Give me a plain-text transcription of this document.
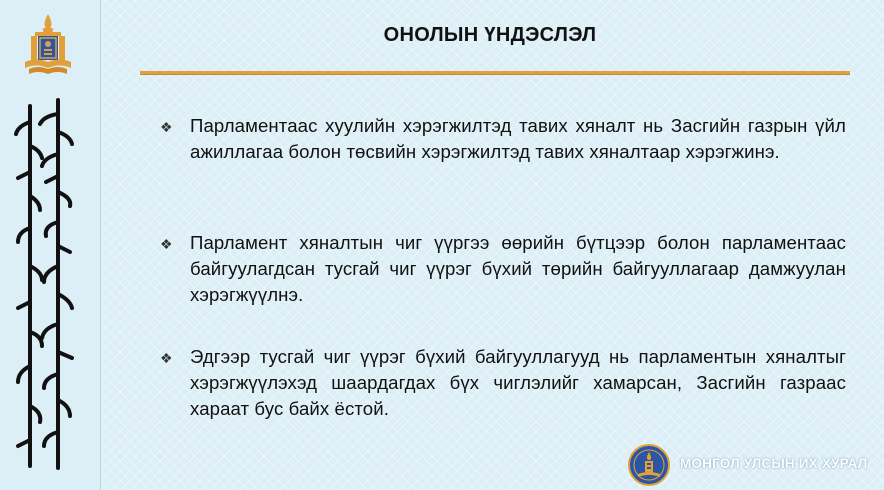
ОНОЛЫН ҮНДЭСЛЭЛ
❖ Парламентаас хуулийн хэрэгжилтэд тавих хяналт нь Засгийн газрын үйл ажиллагаа болон төсвийн хэрэгжилтэд тавих хяналтаар хэрэгжинэ.
❖ Парламент хяналтын чиг үүргээ өөрийн бүтцээр болон парламентаас байгуулагдсан тусгай чиг үүрэг бүхий төрийн байгууллагаар дамжуулан хэрэгжүүлнэ.
❖ Эдгээр тусгай чиг үүрэг бүхий байгууллагууд нь парламентын хяналтыг хэрэгжүүлэхэд шаардагдах бүх чиглэлийг хамарсан, Засгийн газраас хараат бус байх ёстой.
МОНГОЛ УЛСЫН ИХ ХУРАЛ
